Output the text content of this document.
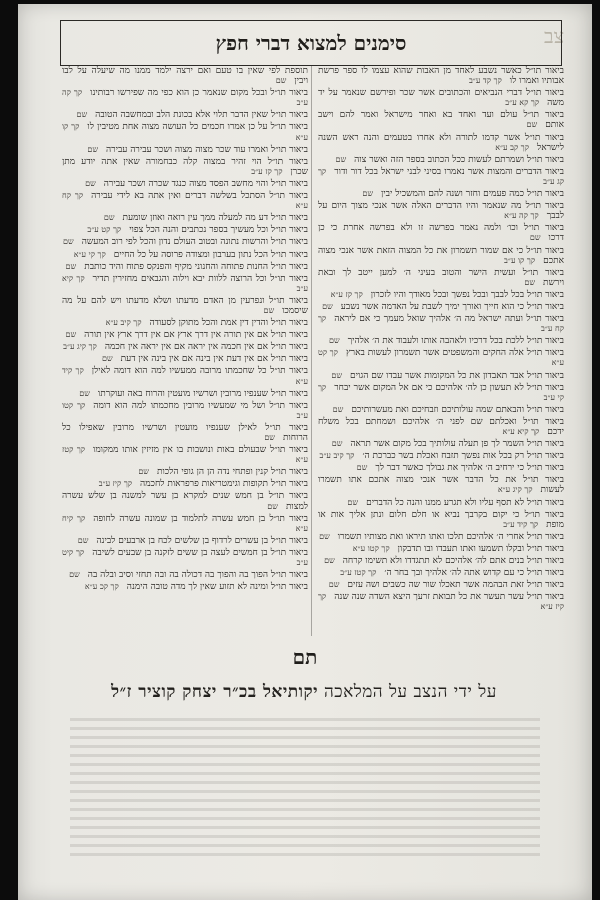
צב
סימנים למצוא דברי חפץ
ביאור תו״ל כאשר נשבע לאחד מן האבות שהוא עצמו לו ספר פרשת אבותיו ואמרו לוקך קד ע״ב
ביאור תו״ל דברי הנביאים והכתובים אשר שכר ופירשם שנאמר על יד משהקך קא ע״ב
ביאור תו״ל עולם ועד ואחד בא ואחר מישראל ואמר להם וישב אותםשם
ביאור תו״ל אשר קדמו לתורה ולא אחרו בטעמים והנה ראש השנה לישראלקך קב ע״א
ביאור תו״ל ושמרתם לעשות ככל הכתוב בספר הזה ואשר צוהשם
ביאור הדברים והמצות אשר נאמרו בסיני לבני ישראל בכל דור ודורקך קג ע״ב
ביאור תו״ל כמה פעמים וחזר ושנה להם והמשכיל יביןשם
ביאור תו״ל מה שנאמר והיו הדברים האלה אשר אנכי מצוך היום על לבבךקך קה ע״א
ביאור תו״ל וכו׳ ולמה נאמר בפרשה זו ולא בפרשה אחרת כי כן דרכושם
ביאור תו״ל כי אם שמור תשמרון את כל המצוה הזאת אשר אנכי מצוה אתכםקך קו ע״ב
ביאור תו״ל ועשית הישר והטוב בעיני ה׳ למען ייטב לך ובאת וירשתשם
ביאור תו״ל בכל לבבך ובכל נפשך ובכל מאודך והיו לזכרוןקך קז ע״א
ביאור תו״ל כי הוא חייך ואורך ימיך לשבת על האדמה אשר נשבעשם
ביאור תו״ל ועתה ישראל מה ה׳ אלהיך שואל מעמך כי אם ליראהקך קח ע״ב
ביאור תו״ל ללכת בכל דרכיו ולאהבה אותו ולעבוד את ה׳ אלהיךשם
ביאור תו״ל אלה החקים והמשפטים אשר תשמרון לעשות בארץקך קט ע״א
ביאור תו״ל אבד תאבדון את כל המקומות אשר עבדו שם הגויםשם
ביאור תו״ל לא תעשון כן לה׳ אלהיכם כי אם אל המקום אשר יבחרקך קי ע״ב
ביאור תו״ל והבאתם שמה עולותיכם וזבחיכם ואת מעשרותיכםשם
ביאור תו״ל ואכלתם שם לפני ה׳ אלהיכם ושמחתם בכל משלח ידכםקך קיא ע״א
ביאור תו״ל השמר לך פן תעלה עולותיך בכל מקום אשר תראהשם
ביאור תו״ל רק בכל אות נפשך תזבח ואכלת בשר כברכת ה׳קך קיב ע״ב
ביאור תו״ל כי ירחיב ה׳ אלהיך את גבולך כאשר דבר לךשם
ביאור תו״ל את כל הדבר אשר אנכי מצוה אתכם אתו תשמרו לעשותקך קיג ע״א
ביאור תו״ל לא תסף עליו ולא תגרע ממנו והנה כל הדבריםשם
ביאור תו״ל כי יקום בקרבך נביא או חלם חלום ונתן אליך אות או מופתקך קיד ע״ב
ביאור תו״ל אחרי ה׳ אלהיכם תלכו ואתו תיראו ואת מצותיו תשמרושם
ביאור תו״ל ובקלו תשמעו ואתו תעבדו ובו תדבקוןקך קטו ע״א
ביאור תו״ל בנים אתם לה׳ אלהיכם לא תתגדדו ולא תשימו קרחהשם
ביאור תו״ל כי עם קדוש אתה לה׳ אלהיך ובך בחר ה׳קך קטז ע״ב
ביאור תו״ל זאת הבהמה אשר תאכלו שור שה כשבים ושה עזיםשם
ביאור תו״ל עשר תעשר את כל תבואת זרעך היצא השדה שנה שנהקך קיז ע״א
תוספת לפי שאין בו טעם ואם ירצה ילמד ממנו מה שיעלה על לבו ויביןשם
ביאור תו״ל ובכל מקום שנאמר כן הוא כפי מה שפירשו רבותינוקך קה ע״ב
ביאור תו״ל שאין הדבר תלוי אלא בכונת הלב ובמחשבה הטובהשם
ביאור תו״ל על כן אמרו חכמים כל העושה מצוה אחת מטיבין לוקך קו ע״א
ביאור תו״ל ואמרו עוד שכר מצוה מצוה ושכר עבירה עבירהשם
ביאור תו״ל הוי זהיר במצוה קלה כבחמורה שאין אתה יודע מתן שכרןקך קז ע״ב
ביאור תו״ל והוי מחשב הפסד מצוה כנגד שכרה ושכר עבירהשם
ביאור תו״ל הסתכל בשלשה דברים ואין אתה בא לידי עבירהקך קח ע״א
ביאור תו״ל דע מה למעלה ממך עין רואה ואוזן שומעתשם
ביאור תו״ל וכל מעשיך בספר נכתבים והנה הכל צפויקך קט ע״ב
ביאור תו״ל והרשות נתונה ובטוב העולם נדון והכל לפי רוב המעשהשם
ביאור תו״ל הכל נתון בערבון ומצודה פרוסה על כל החייםקך קי ע״א
ביאור תו״ל החנות פתוחה והחנוני מקיף והפנקס פתוח והיד כותבתשם
ביאור תו״ל וכל הרוצה ללוות יבא וילוה והגבאים מחזירין תדירקך קיא ע״ב
ביאור תו״ל ונפרעין מן האדם מדעתו ושלא מדעתו ויש להם על מה שיסמכושם
ביאור תו״ל והדין דין אמת והכל מתוקן לסעודהקך קיב ע״א
ביאור תו״ל אם אין תורה אין דרך ארץ אם אין דרך ארץ אין תורהשם
ביאור תו״ל אם אין חכמה אין יראה אם אין יראה אין חכמהקך קיג ע״ב
ביאור תו״ל אם אין דעת אין בינה אם אין בינה אין דעתשם
ביאור תו״ל כל שחכמתו מרובה ממעשיו למה הוא דומה לאילןקך קיד ע״א
ביאור תו״ל שענפיו מרובין ושרשיו מועטין והרוח באה ועוקרתושם
ביאור תו״ל ושל מי שמעשיו מרובין מחכמתו למה הוא דומהקך קטו ע״ב
ביאור תו״ל לאילן שענפיו מועטין ושרשיו מרובין שאפילו כל הרוחותשם
ביאור תו״ל שבעולם באות ונושבות בו אין מזיזין אותו ממקומוקך קטז ע״א
ביאור תו״ל קנין ופתחי נדה הן הן גופי הלכותשם
ביאור תו״ל תקופות וגימטריאות פרפראות לחכמהקך קיז ע״ב
ביאור תו״ל בן חמש שנים למקרא בן עשר למשנה בן שלש עשרה למצותשם
ביאור תו״ל בן חמש עשרה לתלמוד בן שמונה עשרה לחופהקך קיח ע״א
ביאור תו״ל בן עשרים לרדוף בן שלשים לכח בן ארבעים לבינהשם
ביאור תו״ל בן חמשים לעצה בן ששים לזקנה בן שבעים לשיבהקך קיט ע״ב
ביאור תו״ל הפוך בה והפוך בה דכולה בה ובה תחזי וסיב ובלה בהשם
ביאור תו״ל ומינה לא תזוע שאין לך מדה טובה הימנהקך קכ ע״א
תם
על ידי הנצב על המלאכה יקותיאל בכ״ר יצחק קוציר ז״ל
